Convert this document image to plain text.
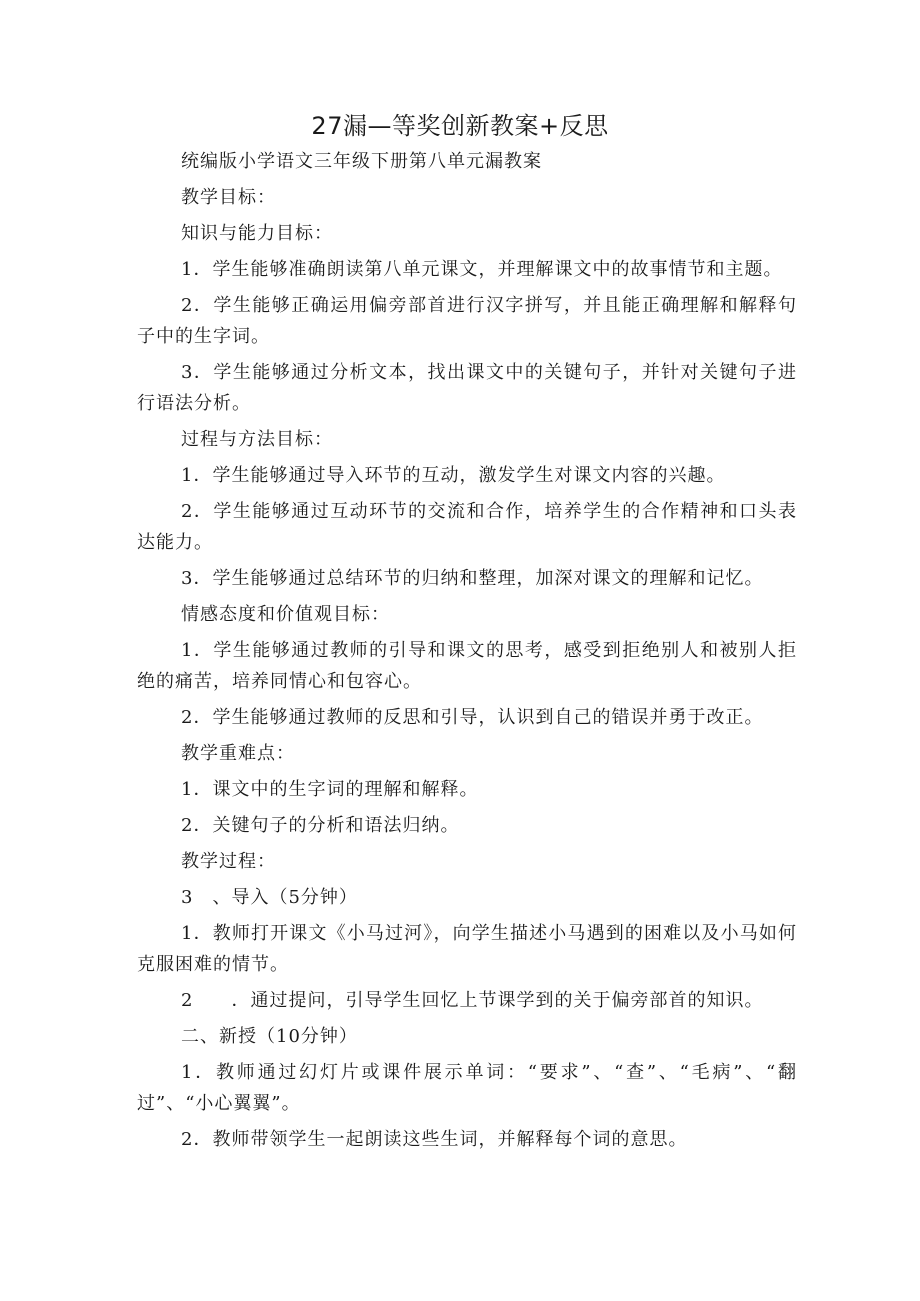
27漏—等奖创新教案+反思
统编版小学语文三年级下册第八单元漏教案
教学目标：
知识与能力目标：
1．学生能够准确朗读第八单元课文，并理解课文中的故事情节和主题。
2．学生能够正确运用偏旁部首进行汉字拼写，并且能正确理解和解释句子中的生字词。
3．学生能够通过分析文本，找出课文中的关键句子，并针对关键句子进行语法分析。
过程与方法目标：
1．学生能够通过导入环节的互动，激发学生对课文内容的兴趣。
2．学生能够通过互动环节的交流和合作，培养学生的合作精神和口头表达能力。
3．学生能够通过总结环节的归纳和整理，加深对课文的理解和记忆。
情感态度和价值观目标：
1．学生能够通过教师的引导和课文的思考，感受到拒绝别人和被别人拒绝的痛苦，培养同情心和包容心。
2．学生能够通过教师的反思和引导，认识到自己的错误并勇于改正。
教学重难点：
1．课文中的生字词的理解和解释。
2．关键句子的分析和语法归纳。
教学过程：
3　、导入（5分钟）
1．教师打开课文《小马过河》，向学生描述小马遇到的困难以及小马如何克服困难的情节。
2　　．通过提问，引导学生回忆上节课学到的关于偏旁部首的知识。
二、新授（10分钟）
1．教师通过幻灯片或课件展示单词：“要求”、“查”、“毛病”、“翻过”、“小心翼翼”。
2．教师带领学生一起朗读这些生词，并解释每个词的意思。
